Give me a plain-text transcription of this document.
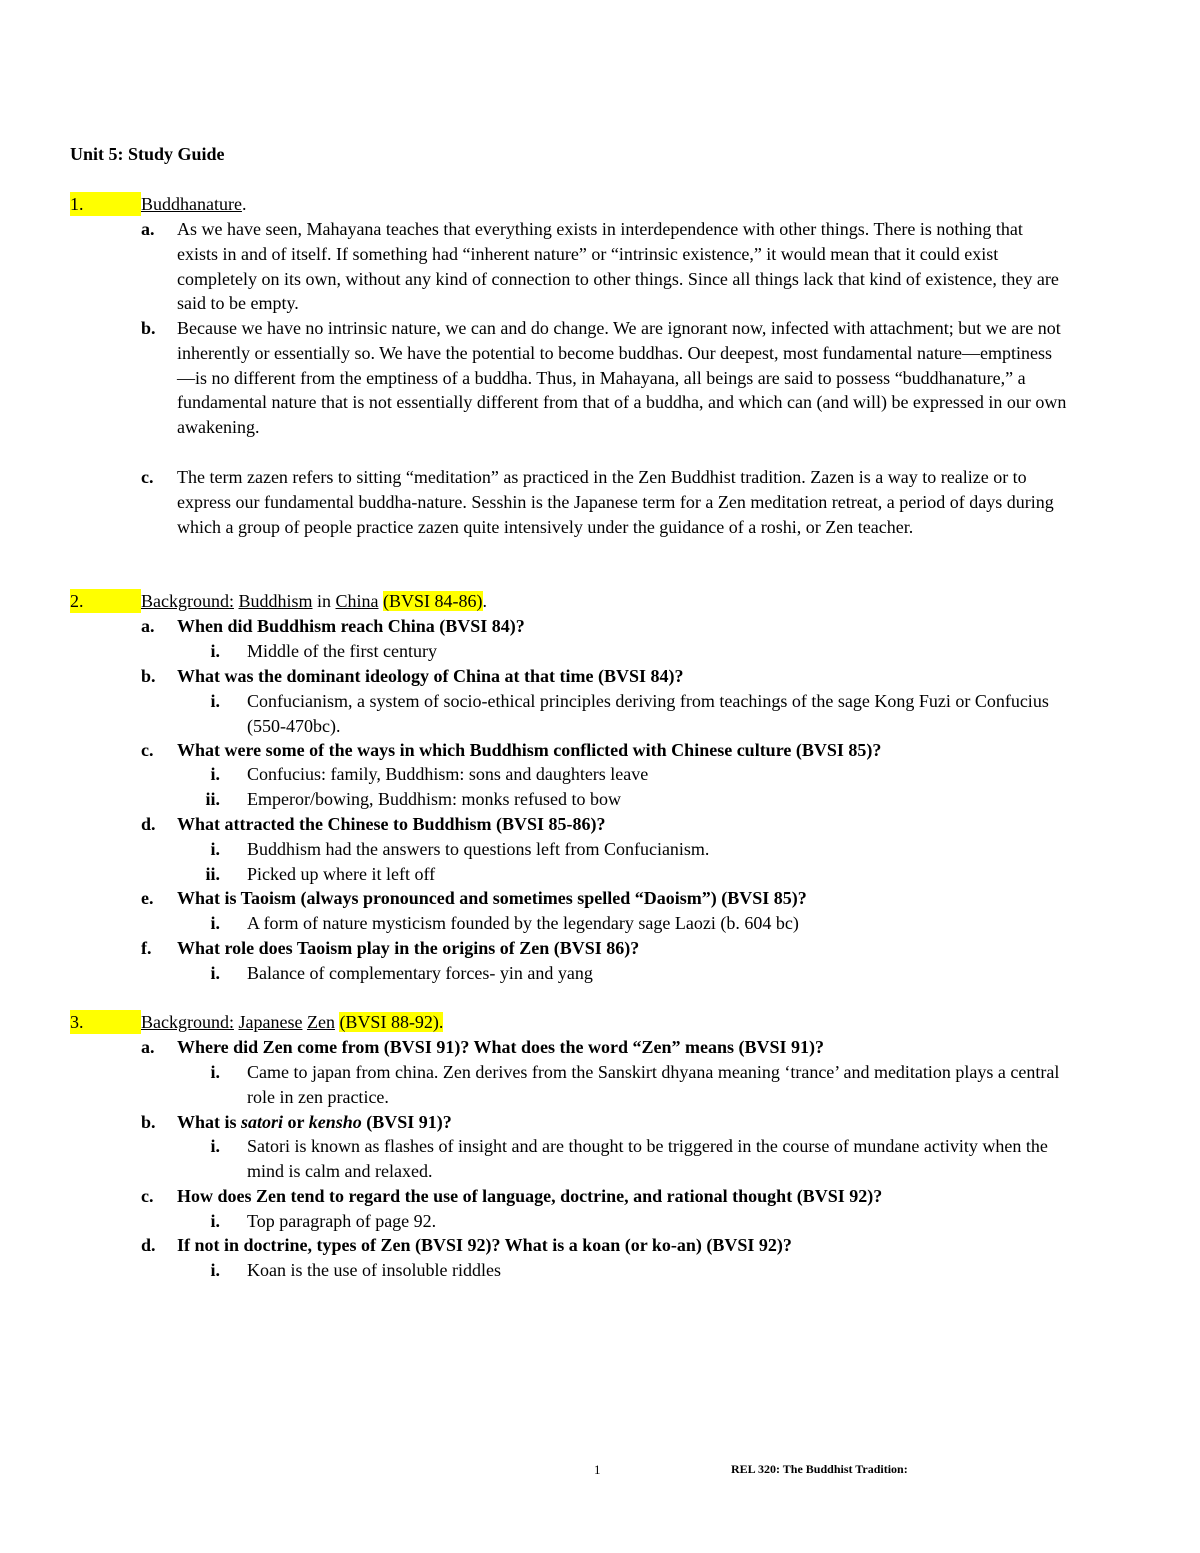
Unit 5: Study Guide
1.	Buddhanature.
a. As we have seen, Mahayana teaches that everything exists in interdependence with other things. There is nothing that exists in and of itself. If something had “inherent nature” or “intrinsic existence,” it would mean that it could exist completely on its own, without any kind of connection to other things. Since all things lack that kind of existence, they are said to be empty.
b. Because we have no intrinsic nature, we can and do change. We are ignorant now, infected with attachment; but we are not inherently or essentially so. We have the potential to become buddhas. Our deepest, most fundamental nature—emptiness—is no different from the emptiness of a buddha. Thus, in Mahayana, all beings are said to possess “buddhanature,” a fundamental nature that is not essentially different from that of a buddha, and which can (and will) be expressed in our own awakening.
c. The term zazen refers to sitting “meditation” as practiced in the Zen Buddhist tradition. Zazen is a way to realize or to express our fundamental buddha-nature. Sesshin is the Japanese term for a Zen meditation retreat, a period of days during which a group of people practice zazen quite intensively under the guidance of a roshi, or Zen teacher.
2.	Background: Buddhism in China (BVSI 84-86).
a. When did Buddhism reach China (BVSI 84)?
i. Middle of the first century
b. What was the dominant ideology of China at that time (BVSI 84)?
i. Confucianism, a system of socio-ethical principles deriving from teachings of the sage Kong Fuzi or Confucius (550-470bc).
c. What were some of the ways in which Buddhism conflicted with Chinese culture (BVSI 85)?
i. Confucius: family, Buddhism: sons and daughters leave
ii. Emperor/bowing, Buddhism: monks refused to bow
d. What attracted the Chinese to Buddhism (BVSI 85-86)?
i. Buddhism had the answers to questions left from Confucianism.
ii. Picked up where it left off
e. What is Taoism (always pronounced and sometimes spelled “Daoism”) (BVSI 85)?
i. A form of nature mysticism founded by the legendary sage Laozi (b. 604 bc)
f. What role does Taoism play in the origins of Zen (BVSI 86)?
i. Balance of complementary forces- yin and yang
3.	Background: Japanese Zen (BVSI 88-92).
a. Where did Zen come from (BVSI 91)? What does the word “Zen” means (BVSI 91)?
i. Came to japan from china. Zen derives from the Sanskirt dhyana meaning ‘trance’ and meditation plays a central role in zen practice.
b. What is satori or kensho (BVSI 91)?
i. Satori is known as flashes of insight and are thought to be triggered in the course of mundane activity when the mind is calm and relaxed.
c. How does Zen tend to regard the use of language, doctrine, and rational thought (BVSI 92)?
i. Top paragraph of page 92.
d. If not in doctrine, types of Zen (BVSI 92)? What is a koan (or ko-an) (BVSI 92)?
i. Koan is the use of insoluble riddles
1	REL 320: The Buddhist Tradition:
